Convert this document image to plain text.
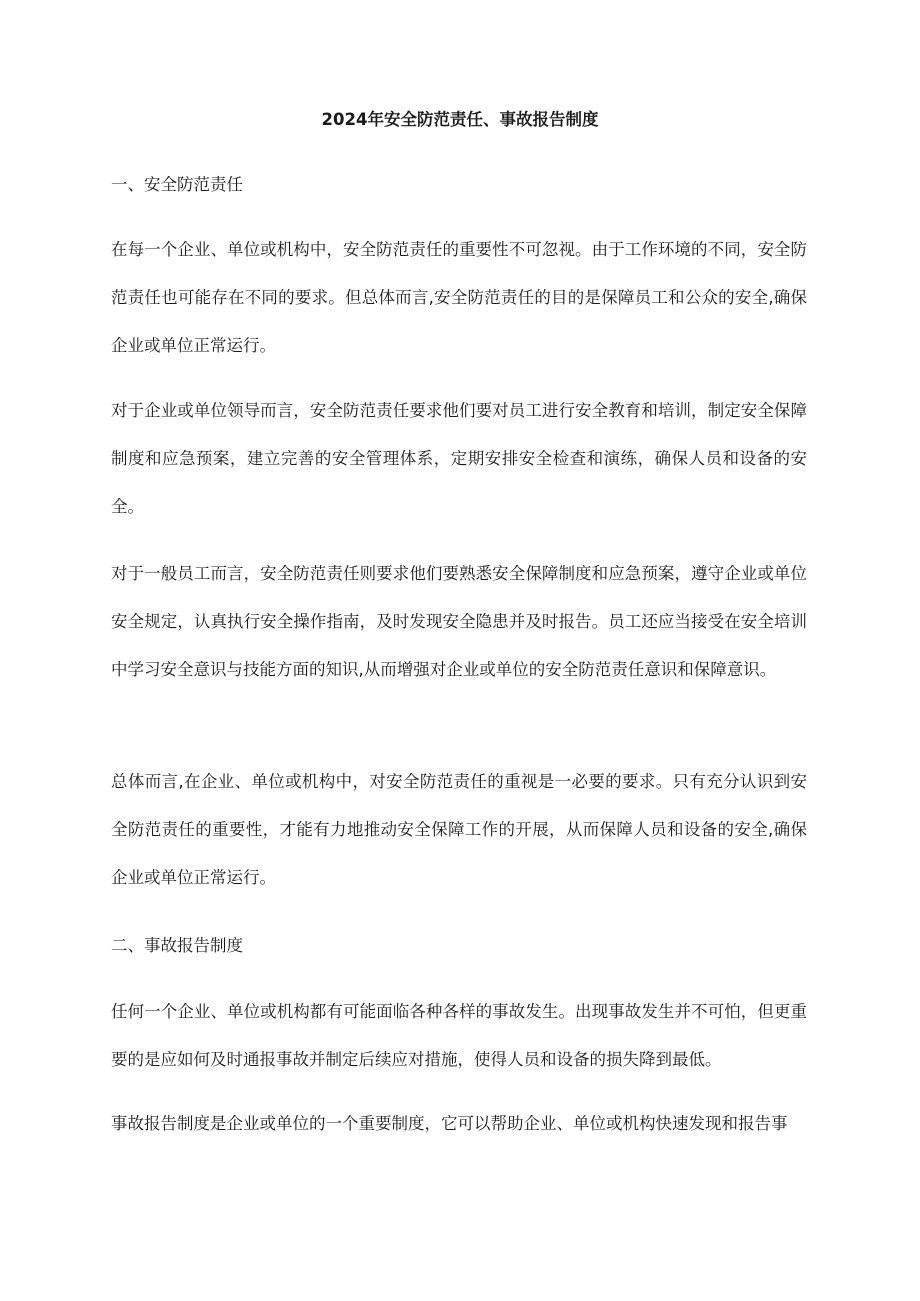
2024年安全防范责任、事故报告制度
一、安全防范责任

在每一个企业、单位或机构中，安全防范责任的重要性不可忽视。由于工作环境的不同，安全防范责任也可能存在不同的要求。但总体而言,安全防范责任的目的是保障员工和公众的安全,确保企业或单位正常运行。

对于企业或单位领导而言，安全防范责任要求他们要对员工进行安全教育和培训，制定安全保障制度和应急预案，建立完善的安全管理体系，定期安排安全检查和演练，确保人员和设备的安全。

对于一般员工而言，安全防范责任则要求他们要熟悉安全保障制度和应急预案，遵守企业或单位安全规定，认真执行安全操作指南，及时发现安全隐患并及时报告。员工还应当接受在安全培训中学习安全意识与技能方面的知识,从而增强对企业或单位的安全防范责任意识和保障意识。

总体而言,在企业、单位或机构中，对安全防范责任的重视是一必要的要求。只有充分认识到安全防范责任的重要性，才能有力地推动安全保障工作的开展，从而保障人员和设备的安全,确保企业或单位正常运行。

二、事故报告制度

任何一个企业、单位或机构都有可能面临各种各样的事故发生。出现事故发生并不可怕，但更重要的是应如何及时通报事故并制定后续应对措施，使得人员和设备的损失降到最低。

事故报告制度是企业或单位的一个重要制度，它可以帮助企业、单位或机构快速发现和报告事
